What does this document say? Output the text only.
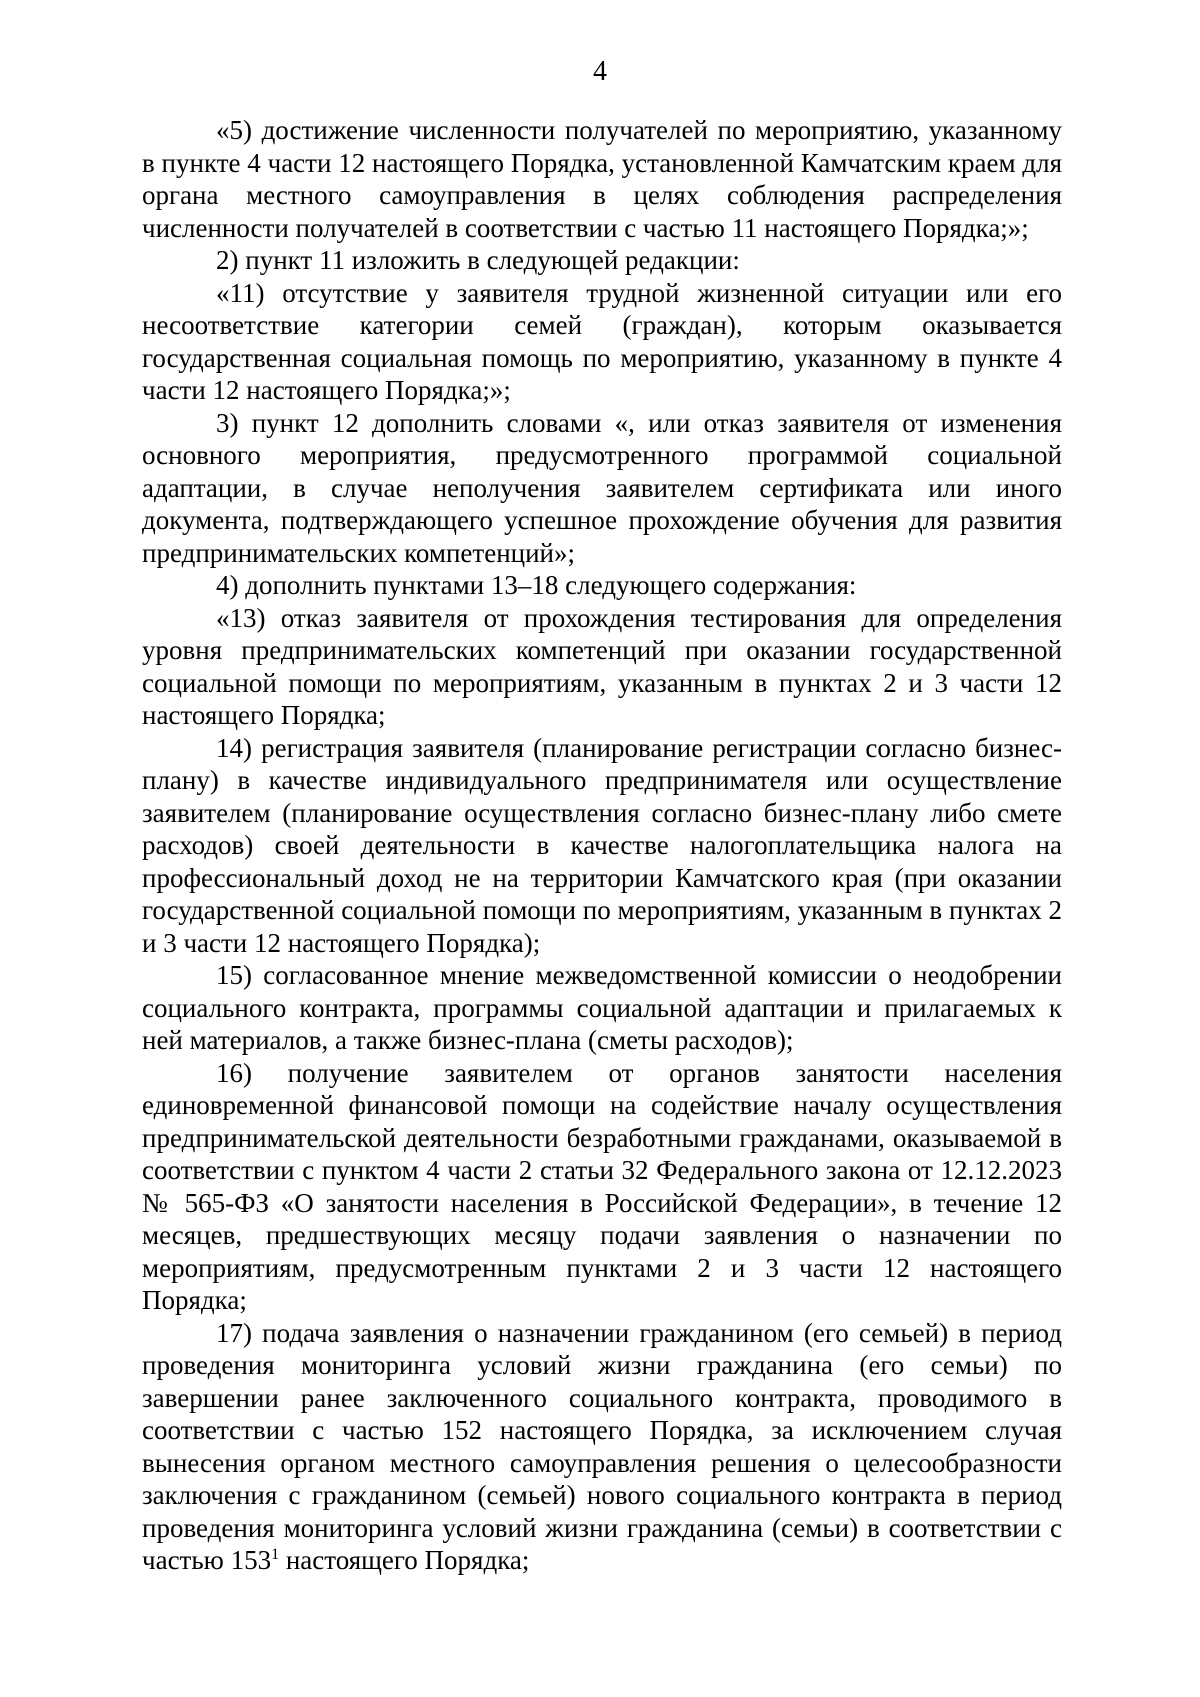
4

«5) достижение численности получателей по мероприятию, указанному в пункте 4 части 12 настоящего Порядка, установленной Камчатским краем для органа местного самоуправления в целях соблюдения распределения численности получателей в соответствии с частью 11 настоящего Порядка;»;

2) пункт 11 изложить в следующей редакции:

«11) отсутствие у заявителя трудной жизненной ситуации или его несоответствие категории семей (граждан), которым оказывается государственная социальная помощь по мероприятию, указанному в пункте 4 части 12 настоящего Порядка;»;

3) пункт 12 дополнить словами «, или отказ заявителя от изменения основного мероприятия, предусмотренного программой социальной адаптации, в случае неполучения заявителем сертификата или иного документа, подтверждающего успешное прохождение обучения для развития предпринимательских компетенций»;

4) дополнить пунктами 13–18 следующего содержания:

«13) отказ заявителя от прохождения тестирования для определения уровня предпринимательских компетенций при оказании государственной социальной помощи по мероприятиям, указанным в пунктах 2 и 3 части 12 настоящего Порядка;

14) регистрация заявителя (планирование регистрации согласно бизнес-плану) в качестве индивидуального предпринимателя или осуществление заявителем (планирование осуществления согласно бизнес-плану либо смете расходов) своей деятельности в качестве налогоплательщика налога на профессиональный доход не на территории Камчатского края (при оказании государственной социальной помощи по мероприятиям, указанным в пунктах 2 и 3 части 12 настоящего Порядка);

15) согласованное мнение межведомственной комиссии о неодобрении социального контракта, программы социальной адаптации и прилагаемых к ней материалов, а также бизнес-плана (сметы расходов);

16) получение заявителем от органов занятости населения единовременной финансовой помощи на содействие началу осуществления предпринимательской деятельности безработными гражданами, оказываемой в соответствии с пунктом 4 части 2 статьи 32 Федерального закона от 12.12.2023 № 565-ФЗ «О занятости населения в Российской Федерации», в течение 12 месяцев, предшествующих месяцу подачи заявления о назначении по мероприятиям, предусмотренным пунктами 2 и 3 части 12 настоящего Порядка;

17) подача заявления о назначении гражданином (его семьей) в период проведения мониторинга условий жизни гражданина (его семьи) по завершении ранее заключенного социального контракта, проводимого в соответствии с частью 152 настоящего Порядка, за исключением случая вынесения органом местного самоуправления решения о целесообразности заключения с гражданином (семьей) нового социального контракта в период проведения мониторинга условий жизни гражданина (семьи) в соответствии с частью $153^1$ настоящего Порядка;
